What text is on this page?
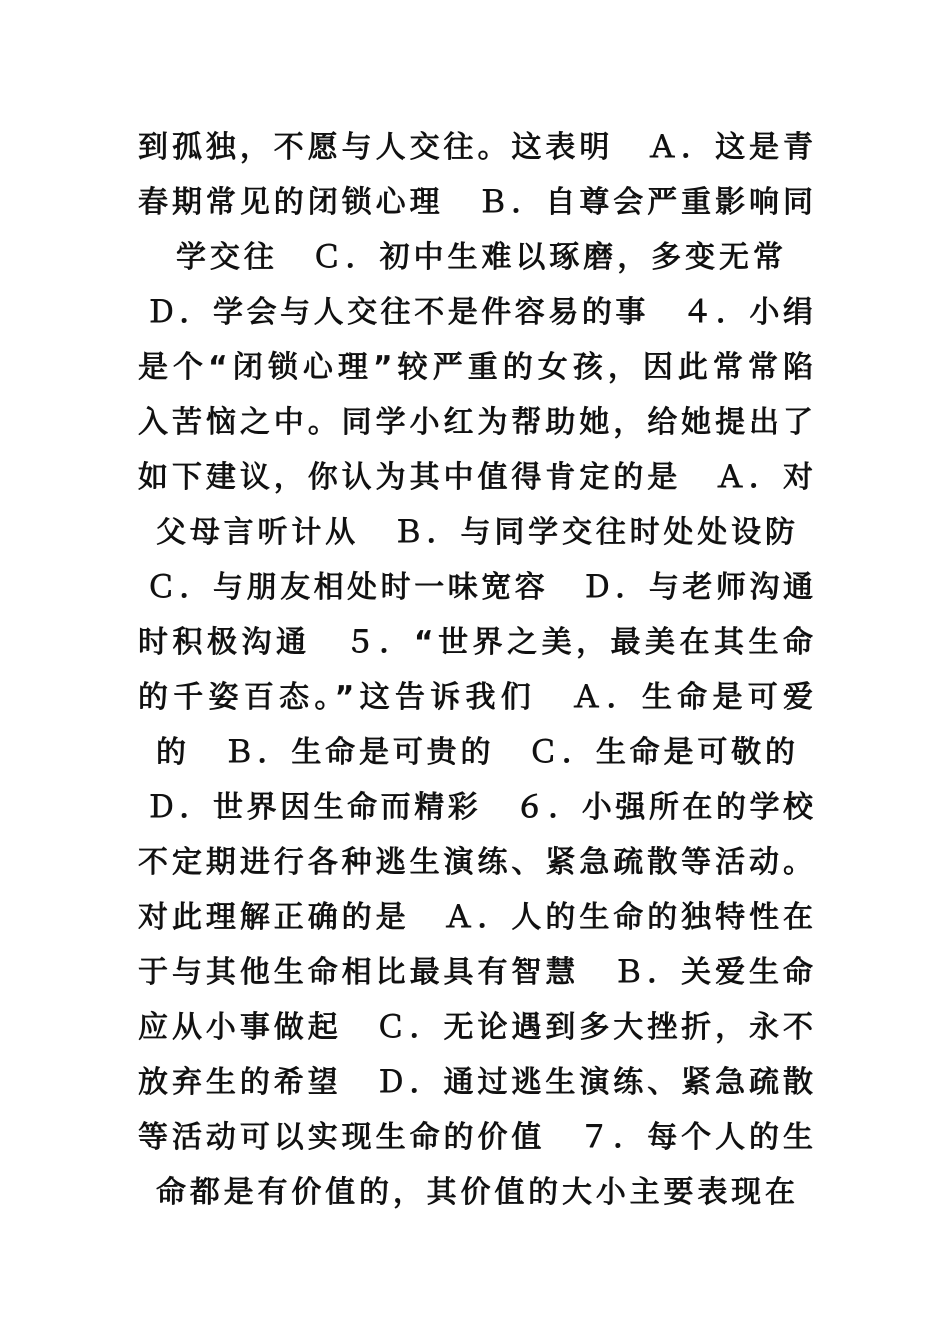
到孤独，不愿与人交往。这表明　Ａ．这是青
春期常见的闭锁心理　Ｂ．自尊会严重影响同
　学交往　Ｃ．初中生难以琢磨，多变无常
Ｄ．学会与人交往不是件容易的事　４．小绢
是个“闭锁心理”较严重的女孩，因此常常陷
入苦恼之中。同学小红为帮助她，给她提出了
如下建议，你认为其中值得肯定的是　Ａ．对
父母言听计从　Ｂ．与同学交往时处处设防
Ｃ．与朋友相处时一味宽容　Ｄ．与老师沟通
时积极沟通　５．“世界之美，最美在其生命
的千姿百态。”这告诉我们　Ａ．生命是可爱
的　Ｂ．生命是可贵的　Ｃ．生命是可敬的
Ｄ．世界因生命而精彩　６．小强所在的学校
不定期进行各种逃生演练、紧急疏散等活动。
对此理解正确的是　Ａ．人的生命的独特性在
于与其他生命相比最具有智慧　Ｂ．关爱生命
应从小事做起　Ｃ．无论遇到多大挫折，永不
放弃生的希望　Ｄ．通过逃生演练、紧急疏散
等活动可以实现生命的价值　７．每个人的生
命都是有价值的，其价值的大小主要表现在
